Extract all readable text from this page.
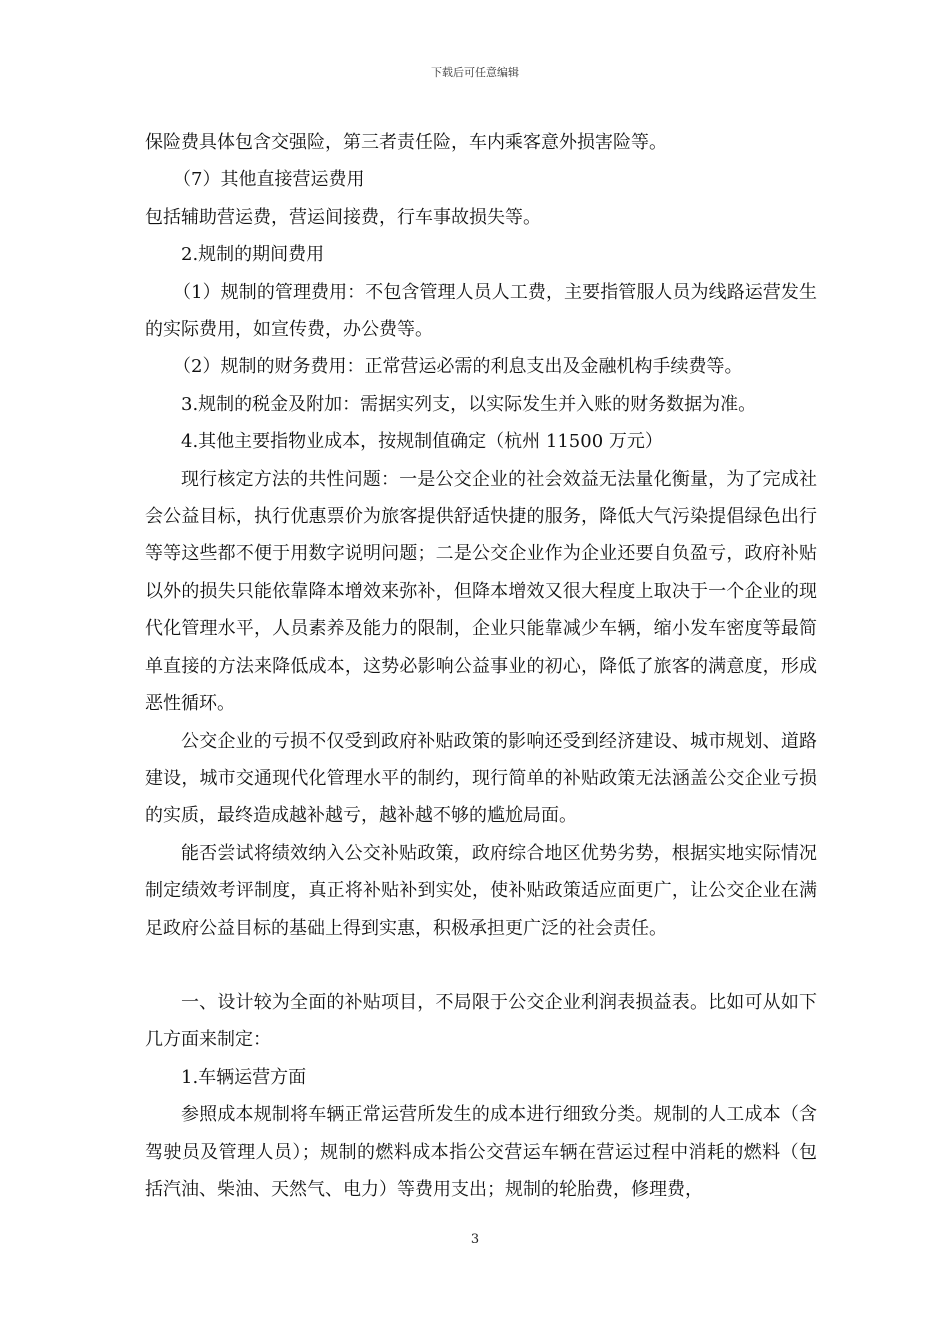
下载后可任意编辑

保险费具体包含交强险，第三者责任险，车内乘客意外损害险等。

（7）其他直接营运费用

包括辅助营运费，营运间接费，行车事故损失等。

2.规制的期间费用

（1）规制的管理费用：不包含管理人员人工费，主要指管服人员为线路运营发生的实际费用，如宣传费，办公费等。

（2）规制的财务费用：正常营运必需的利息支出及金融机构手续费等。

3.规制的税金及附加：需据实列支，以实际发生并入账的财务数据为准。

4.其他主要指物业成本，按规制值确定（杭州 11500 万元）

现行核定方法的共性问题：一是公交企业的社会效益无法量化衡量，为了完成社会公益目标，执行优惠票价为旅客提供舒适快捷的服务，降低大气污染提倡绿色出行等等这些都不便于用数字说明问题；二是公交企业作为企业还要自负盈亏，政府补贴以外的损失只能依靠降本增效来弥补，但降本增效又很大程度上取决于一个企业的现代化管理水平，人员素养及能力的限制，企业只能靠减少车辆，缩小发车密度等最简单直接的方法来降低成本，这势必影响公益事业的初心，降低了旅客的满意度，形成恶性循环。

公交企业的亏损不仅受到政府补贴政策的影响还受到经济建设、城市规划、道路建设，城市交通现代化管理水平的制约，现行简单的补贴政策无法涵盖公交企业亏损的实质，最终造成越补越亏，越补越不够的尴尬局面。

能否尝试将绩效纳入公交补贴政策，政府综合地区优势劣势，根据实地实际情况制定绩效考评制度，真正将补贴补到实处，使补贴政策适应面更广，让公交企业在满足政府公益目标的基础上得到实惠，积极承担更广泛的社会责任。

一、设计较为全面的补贴项目，不局限于公交企业利润表损益表。比如可从如下几方面来制定：

1.车辆运营方面

参照成本规制将车辆正常运营所发生的成本进行细致分类。规制的人工成本（含驾驶员及管理人员）；规制的燃料成本指公交营运车辆在营运过程中消耗的燃料（包括汽油、柴油、天然气、电力）等费用支出；规制的轮胎费，修理费，

3
